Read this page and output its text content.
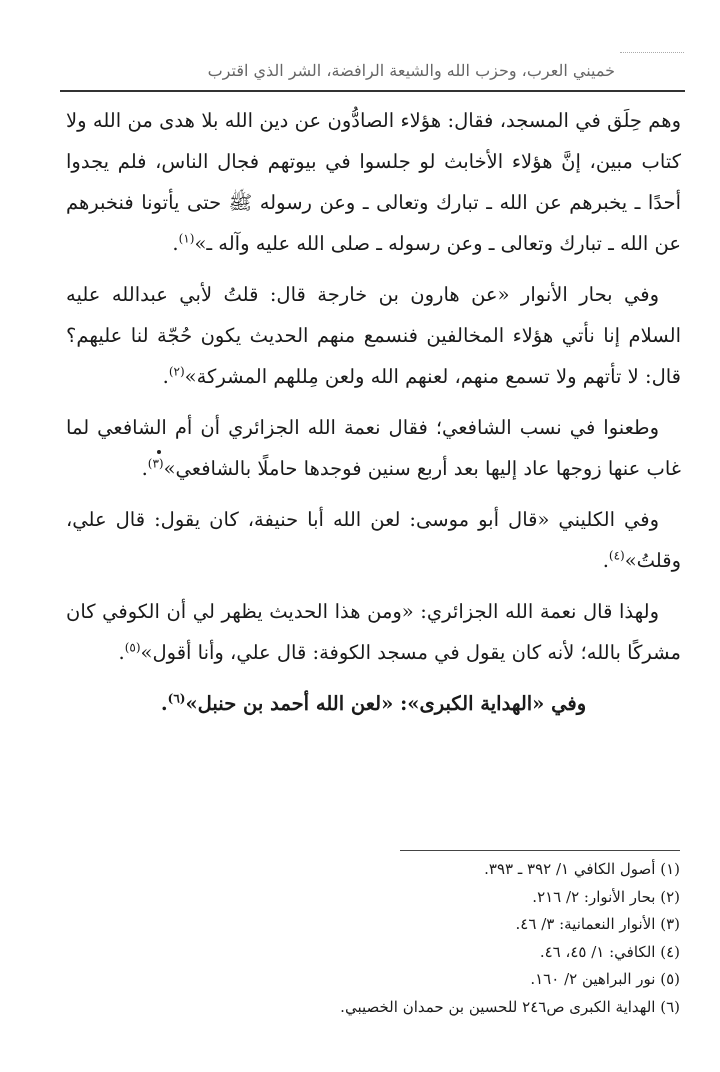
خميني العرب، وحزب الله والشيعة الرافضة، الشر الذي اقترب

وهم حِلَق في المسجد، فقال: هؤلاء الصادُّون عن دين الله بلا هدى من الله ولا كتاب مبين، إنَّ هؤلاء الأخابث لو جلسوا في بيوتهم فجال الناس، فلم يجدوا أحدًا ـ يخبرهم عن الله ـ تبارك وتعالى ـ وعن رسوله ﷺ حتى يأتونا فنخبرهم عن الله ـ تبارك وتعالى ـ وعن رسوله ـ صلى الله عليه وآله ـ»$^{(١)}$.

وفي بحار الأنوار «عن هارون بن خارجة قال: قلتُ لأبي عبدالله عليه السلام إنا نأتي هؤلاء المخالفين فنسمع منهم الحديث يكون حُجّة لنا عليهم؟ قال: لا تأتهم ولا تسمع منهم، لعنهم الله ولعن مِللهم المشركة»$^{(٢)}$.

وطعنوا في نسب الشافعي؛ فقال نعمة الله الجزائري أن أم الشافعي لما غاب عنها زوجها عاد إليها بعد أربع سنين فوجدها حاملًا بالشافعي»$^{(٣)}$.

وفي الكليني «قال أبو موسى: لعن الله أبا حنيفة، كان يقول: قال علي، وقلتُ»$^{(٤)}$.

ولهذا قال نعمة الله الجزائري: «ومن هذا الحديث يظهر لي أن الكوفي كان مشركًا بالله؛ لأنه كان يقول في مسجد الكوفة: قال علي، وأنا أقول»$^{(٥)}$.

وفي «الهداية الكبرى»: «لعن الله أحمد بن حنبل»$^{(٦)}$.

(١) أصول الكافي ١/ ٣٩٢ ـ ٣٩٣.
(٢) بحار الأنوار: ٢/ ٢١٦.
(٣) الأنوار النعمانية: ٣/ ٤٦.
(٤) الكافي: ١/ ٤٥، ٤٦.
(٥) نور البراهين ٢/ ١٦٠.
(٦) الهداية الكبرى ص٢٤٦ للحسين بن حمدان الخصيبي.
